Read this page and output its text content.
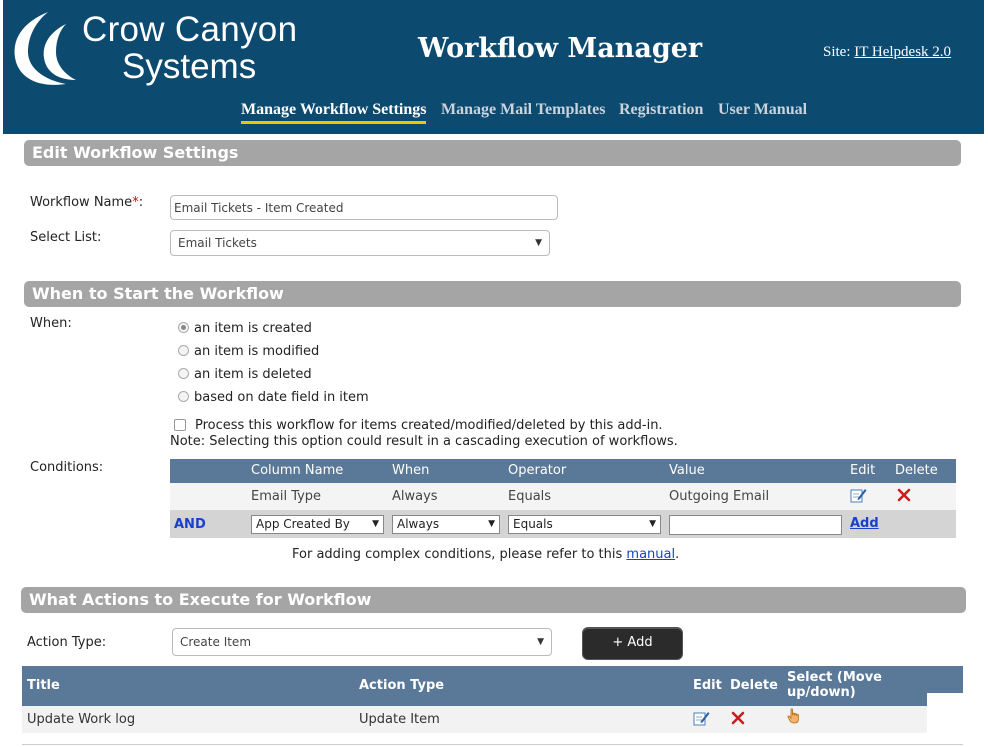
Crow Canyon
Systems	Workflow Manager	Site: IT Helpdesk 2.0
Manage Workflow Settings Manage Mail Templates Registration User Manual
Edit Workflow Settings
Workflow Name*:	Email Tickets - Item Created
Select List:	Email Tickets	▼
When to Start the Workflow
When:	an item is created
an item is modified
an item is deleted
based on date field in item
Process this workflow for items created/modified/deleted by this add-in.
Note: Selecting this option could result in a cascading execution of workflows.
Conditions:	Column Name	When	Operator	Value	Edit Delete
Email Type	Always	Equals	Outgoing Email
AND	App Created By ▼	Always	▼	Equals	▼	Add
For adding complex conditions, please refer to this manual.
What Actions to Execute for Workflow
Action Type:	Create Item	▼	+ Add
Title	Action Type	Edit Delete
Select (Move
up/down)
Update Work log	Update Item
